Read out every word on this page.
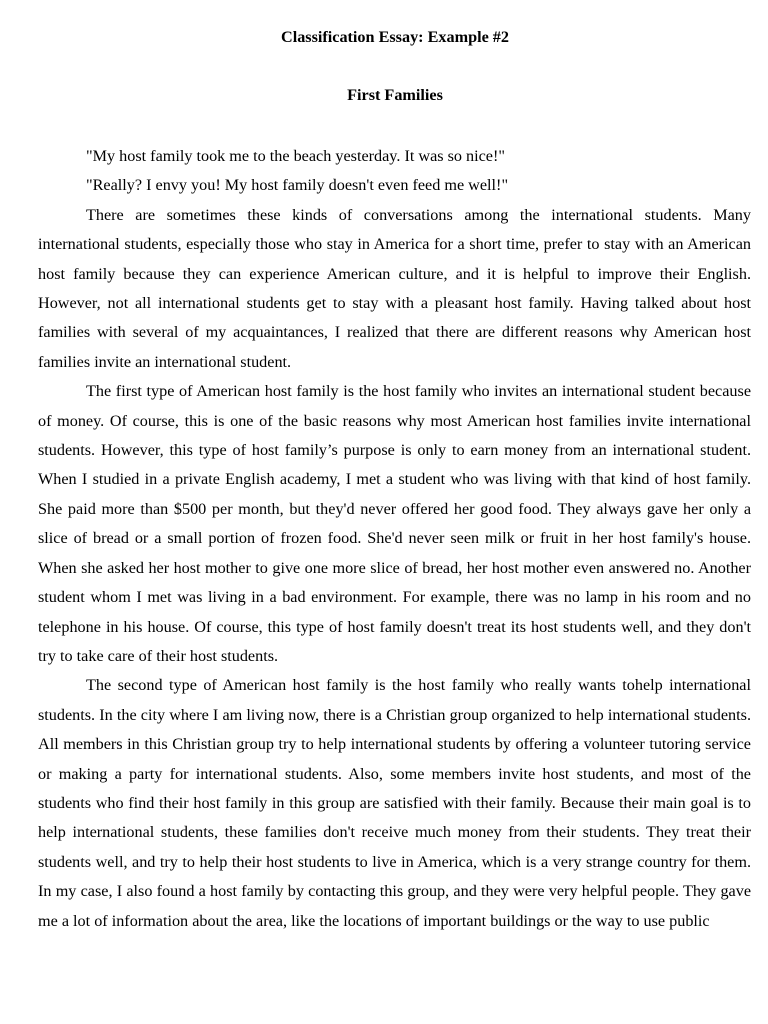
Classification Essay: Example #2
First Families

"My host family took me to the beach yesterday. It was so nice!"

"Really? I envy you! My host family doesn't even feed me well!"

There are sometimes these kinds of conversations among the international students. Many international students, especially those who stay in America for a short time, prefer to stay with an American host family because they can experience American culture, and it is helpful to improve their English. However, not all international students get to stay with a pleasant host family. Having talked about host families with several of my acquaintances, I realized that there are different reasons why American host families invite an international student.

The first type of American host family is the host family who invites an international student because of money. Of course, this is one of the basic reasons why most American host families invite international students. However, this type of host family’s purpose is only to earn money from an international student. When I studied in a private English academy, I met a student who was living with that kind of host family. She paid more than $500 per month, but they'd never offered her good food. They always gave her only a slice of bread or a small portion of frozen food. She'd never seen milk or fruit in her host family's house. When she asked her host mother to give one more slice of bread, her host mother even answered no. Another student whom I met was living in a bad environment. For example, there was no lamp in his room and no telephone in his house. Of course, this type of host family doesn't treat its host students well, and they don't try to take care of their host students.

The second type of American host family is the host family who really wants tohelp international students. In the city where I am living now, there is a Christian group organized to help international students. All members in this Christian group try to help international students by offering a volunteer tutoring service or making a party for international students. Also, some members invite host students, and most of the students who find their host family in this group are satisfied with their family. Because their main goal is to help international students, these families don't receive much money from their students. They treat their students well, and try to help their host students to live in America, which is a very strange country for them. In my case, I also found a host family by contacting this group, and they were very helpful people. They gave me a lot of information about the area, like the locations of important buildings or the way to use public
